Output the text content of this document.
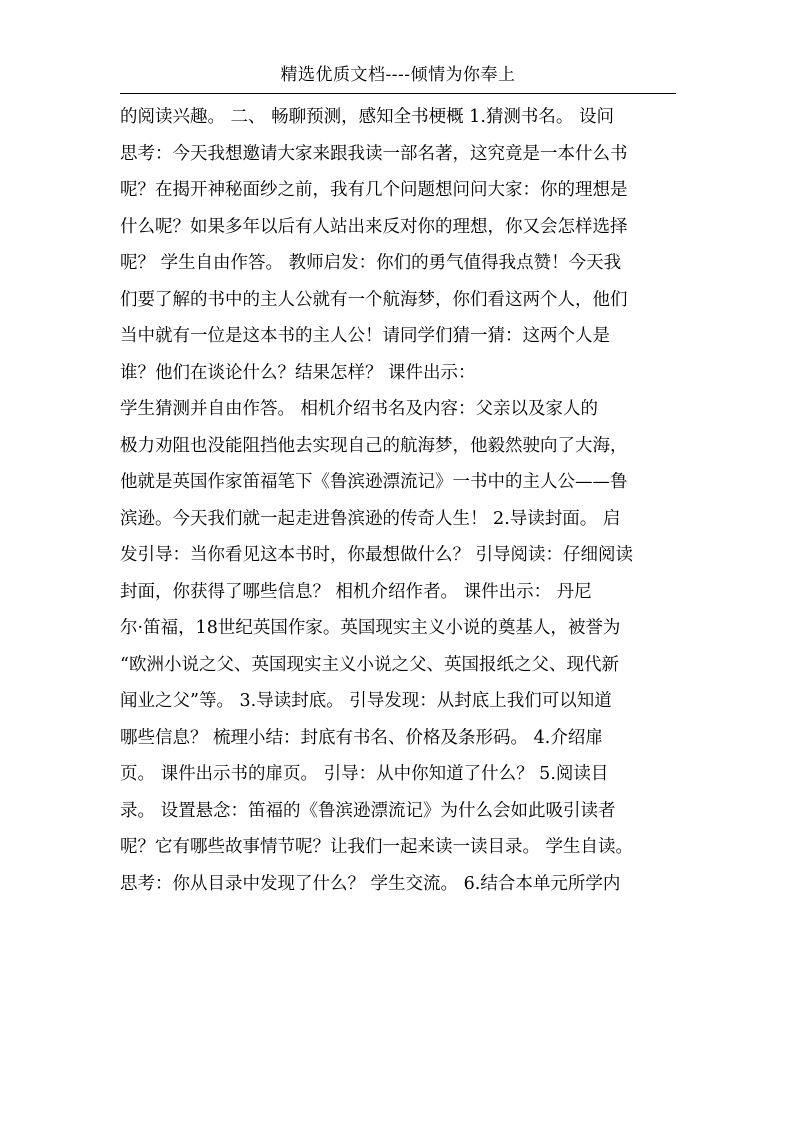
精选优质文档----倾情为你奉上
的阅读兴趣。 二、 畅聊预测，感知全书梗概 1.猜测书名。 设问
思考：今天我想邀请大家来跟我读一部名著，这究竟是一本什么书
呢？在揭开神秘面纱之前，我有几个问题想问问大家：你的理想是
什么呢？如果多年以后有人站出来反对你的理想，你又会怎样选择
呢？ 学生自由作答。 教师启发：你们的勇气值得我点赞！今天我
们要了解的书中的主人公就有一个航海梦，你们看这两个人，他们
当中就有一位是这本书的主人公！请同学们猜一猜：这两个人是
谁？他们在谈论什么？结果怎样？ 课件出示：
学生猜测并自由作答。 相机介绍书名及内容：父亲以及家人的
极力劝阻也没能阻挡他去实现自己的航海梦，他毅然驶向了大海，
他就是英国作家笛福笔下《鲁滨逊漂流记》一书中的主人公——鲁
滨逊。今天我们就一起走进鲁滨逊的传奇人生！ 2.导读封面。 启
发引导：当你看见这本书时，你最想做什么？ 引导阅读：仔细阅读
封面，你获得了哪些信息？ 相机介绍作者。 课件出示： 丹尼
尔·笛福，18世纪英国作家。英国现实主义小说的奠基人，被誉为
“欧洲小说之父、英国现实主义小说之父、英国报纸之父、现代新
闻业之父”等。 3.导读封底。 引导发现：从封底上我们可以知道
哪些信息？ 梳理小结：封底有书名、价格及条形码。 4.介绍扉
页。 课件出示书的扉页。 引导：从中你知道了什么？ 5.阅读目
录。 设置悬念：笛福的《鲁滨逊漂流记》为什么会如此吸引读者
呢？它有哪些故事情节呢？让我们一起来读一读目录。 学生自读。
思考：你从目录中发现了什么？ 学生交流。 6.结合本单元所学内
